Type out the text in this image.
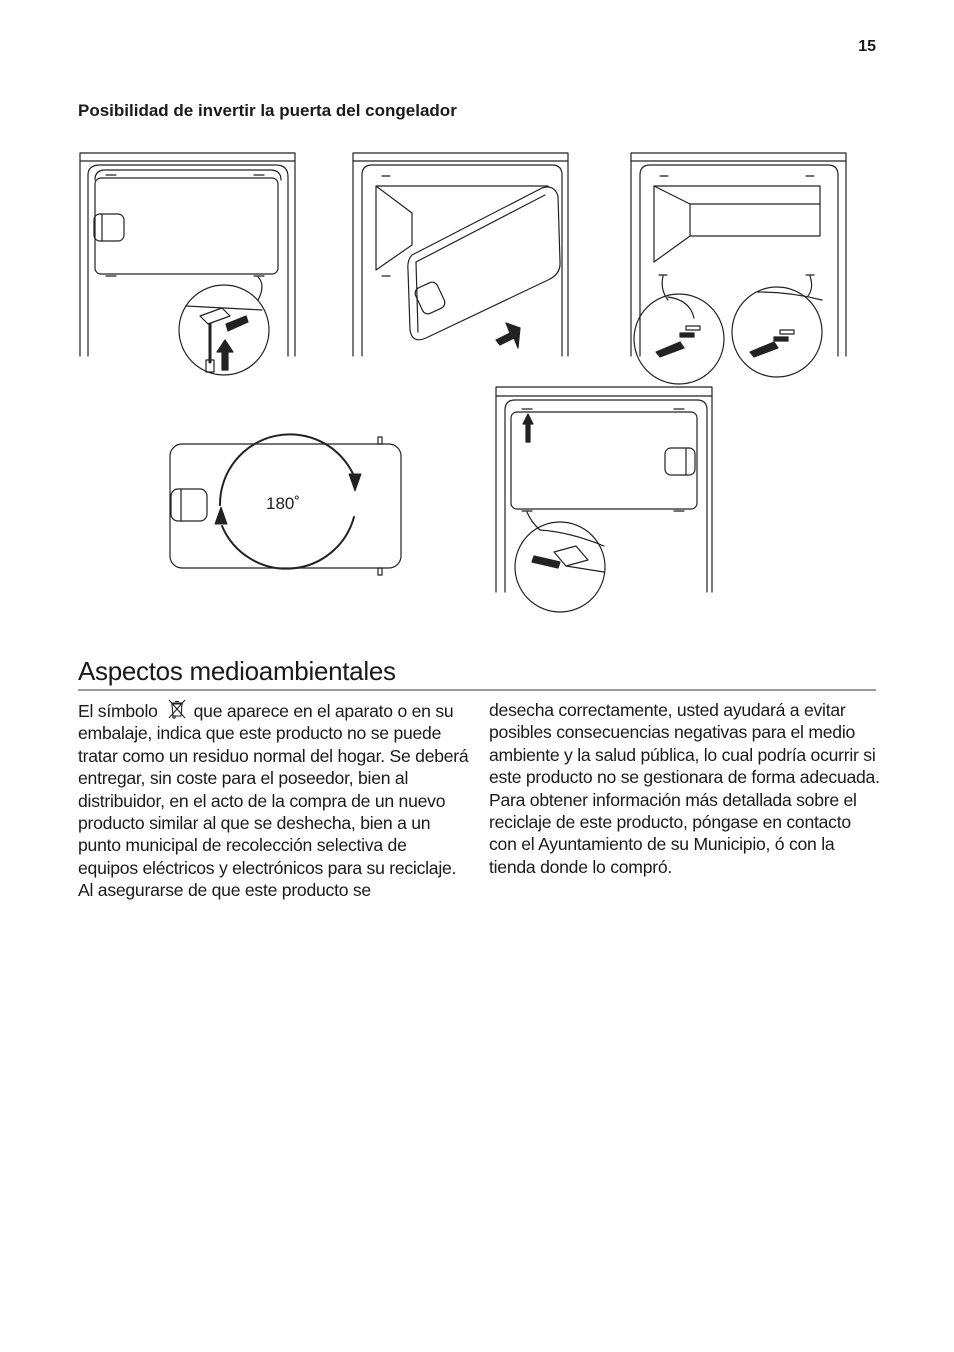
15
Posibilidad de invertir la puerta del congelador
180˚
Aspectos medioambientales

El símbolo que aparece en el aparato o en su embalaje, indica que este producto no se puede tratar como un residuo normal del hogar. Se deberá entregar, sin coste para el poseedor, bien al distribuidor, en el acto de la compra de un nuevo producto similar al que se deshecha, bien a un punto municipal de recolección selectiva de equipos eléctricos y electrónicos para su reciclaje. Al asegurarse de que este producto se

desecha correctamente, usted ayudará a evitar posibles consecuencias negativas para el medio ambiente y la salud pública, lo cual podría ocurrir si este producto no se gestionara de forma adecuada. Para obtener información más detallada sobre el reciclaje de este producto, póngase en contacto con el Ayuntamiento de su Municipio, ó con la tienda donde lo compró.
